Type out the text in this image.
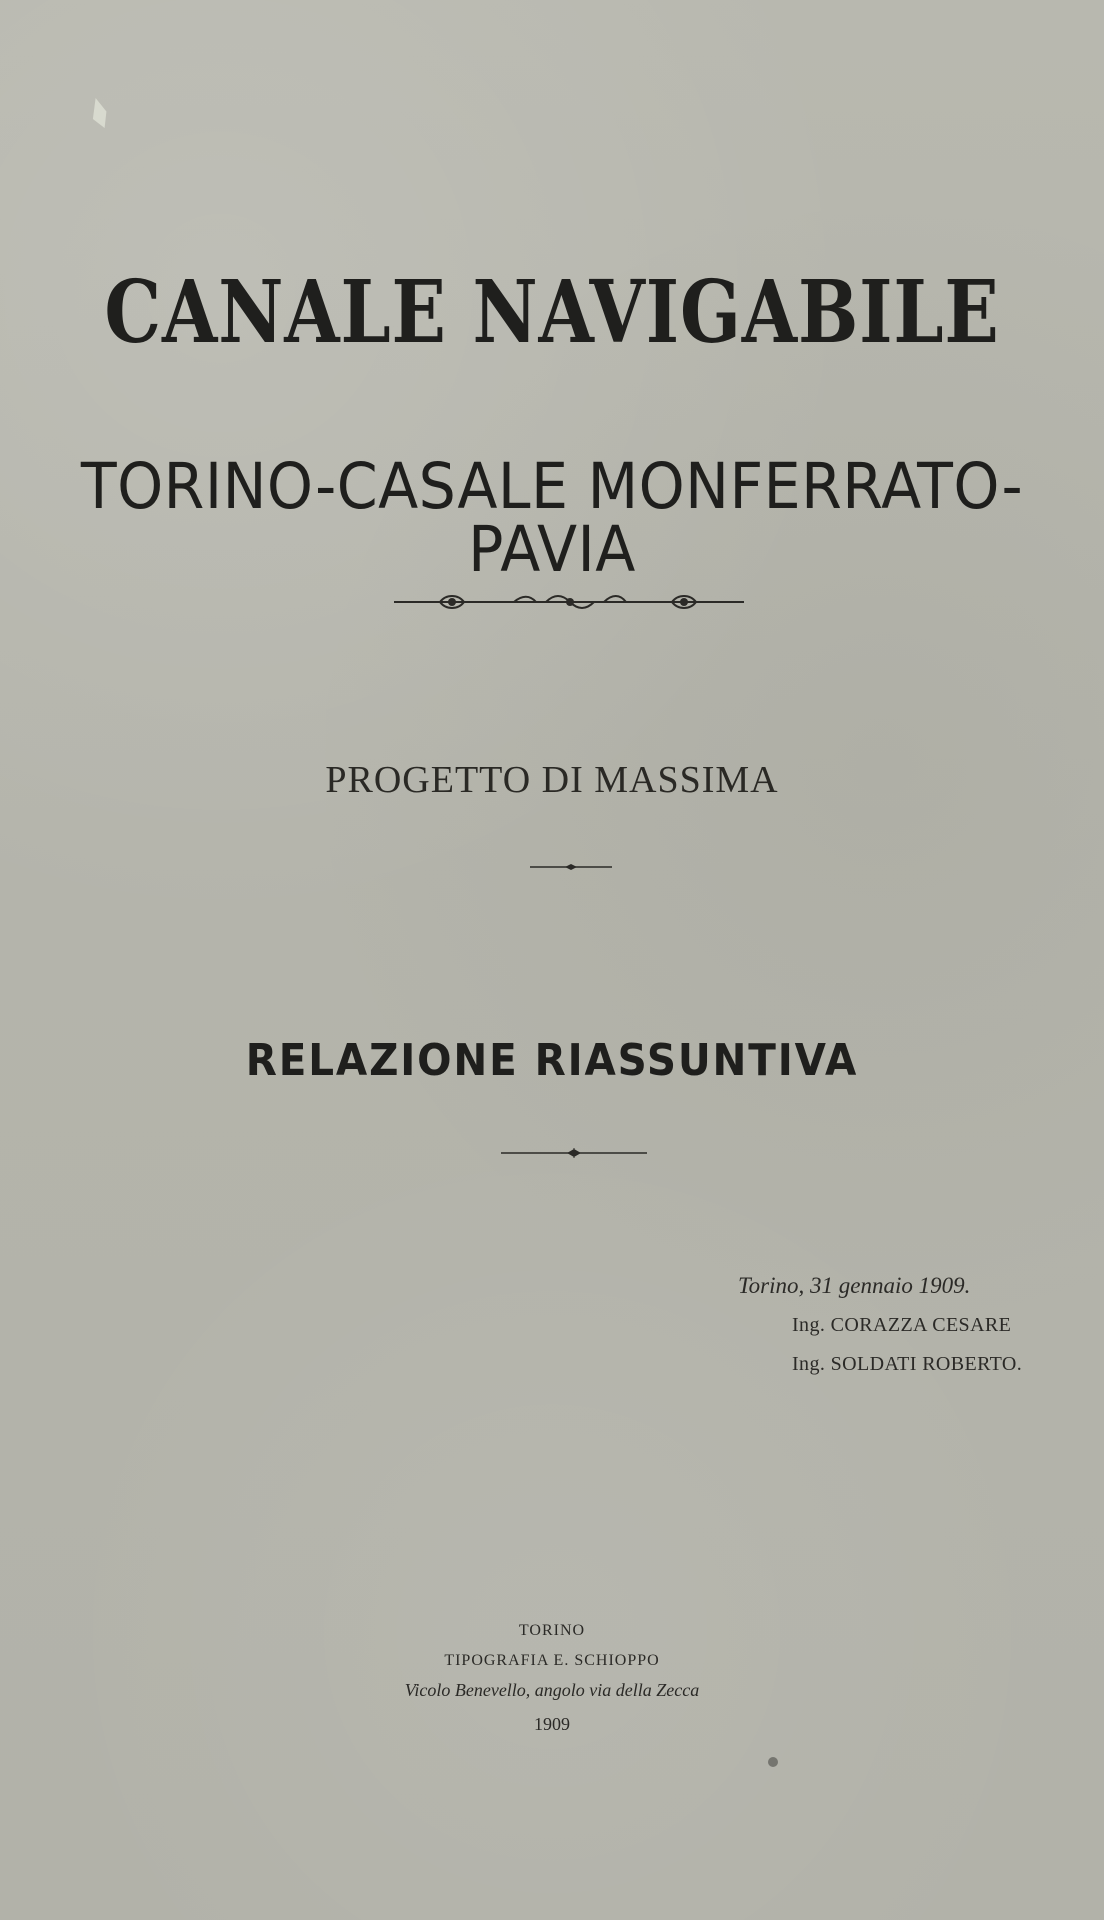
CANALE NAVIGABILE
TORINO-CASALE MONFERRATO-PAVIA
PROGETTO DI MASSIMA
RELAZIONE RIASSUNTIVA
Torino, 31 gennaio 1909.
Ing. CORAZZA CESARE
Ing. SOLDATI ROBERTO.
TORINO
TIPOGRAFIA E. SCHIOPPO
Vicolo Benevello, angolo via della Zecca
1909
